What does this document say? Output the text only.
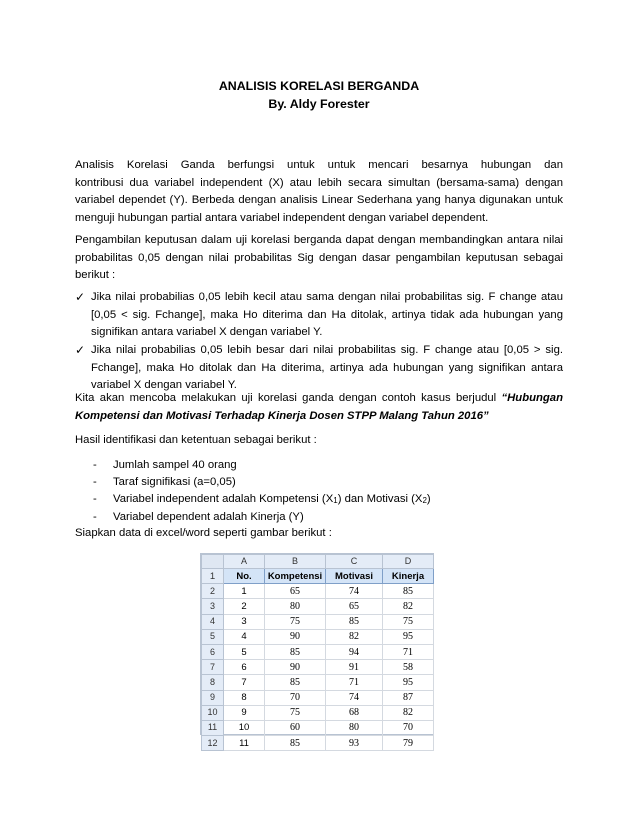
ANALISIS KORELASI BERGANDA
By. Aldy Forester
Analisis Korelasi Ganda berfungsi untuk untuk mencari besarnya hubungan dan
kontribusi dua variabel independent (X) atau lebih secara simultan (bersama-sama) dengan
variabel dependet (Y). Berbeda dengan analisis Linear Sederhana yang hanya digunakan untuk
menguji hubungan partial antara variabel independent dengan variabel dependent.
Pengambilan keputusan dalam uji korelasi berganda dapat dengan membandingkan antara nilai
probabilitas 0,05 dengan nilai probabilitas Sig dengan dasar pengambilan keputusan sebagai
berikut :
✓ Jika nilai probabilias 0,05 lebih kecil atau sama dengan nilai probabilitas sig. F change atau
[0,05 < sig. Fchange], maka Ho diterima dan Ha ditolak, artinya tidak ada hubungan yang
signifikan antara variabel X dengan variabel Y.
✓ Jika nilai probabilias 0,05 lebih besar dari nilai probabilitas sig. F change atau [0,05 > sig.
Fchange], maka Ho ditolak dan Ha diterima, artinya ada hubungan yang signifikan antara
variabel X dengan variabel Y.
Kita akan mencoba melakukan uji korelasi ganda dengan contoh kasus berjudul “Hubungan
Kompetensi dan Motivasi Terhadap Kinerja Dosen STPP Malang Tahun 2016”
Hasil identifikasi dan ketentuan sebagai berikut :
- Jumlah sampel 40 orang
- Taraf signifikasi (a=0,05)
- Variabel independent adalah Kompetensi $(X_1)$ dan Motivasi $(X_2)$
- Variabel dependent adalah Kinerja (Y)
Siapkan data di excel/word seperti gambar berikut :
	A	B	C	D
1	No.	Kompetensi	Motivasi	Kinerja
2	1	65	74	85
3	2	80	65	82
4	3	75	85	75
5	4	90	82	95
6	5	85	94	71
7	6	90	91	58
8	7	85	71	95
9	8	70	74	87
10	9	75	68	82
11	10	60	80	70
12	11	85	93	79
